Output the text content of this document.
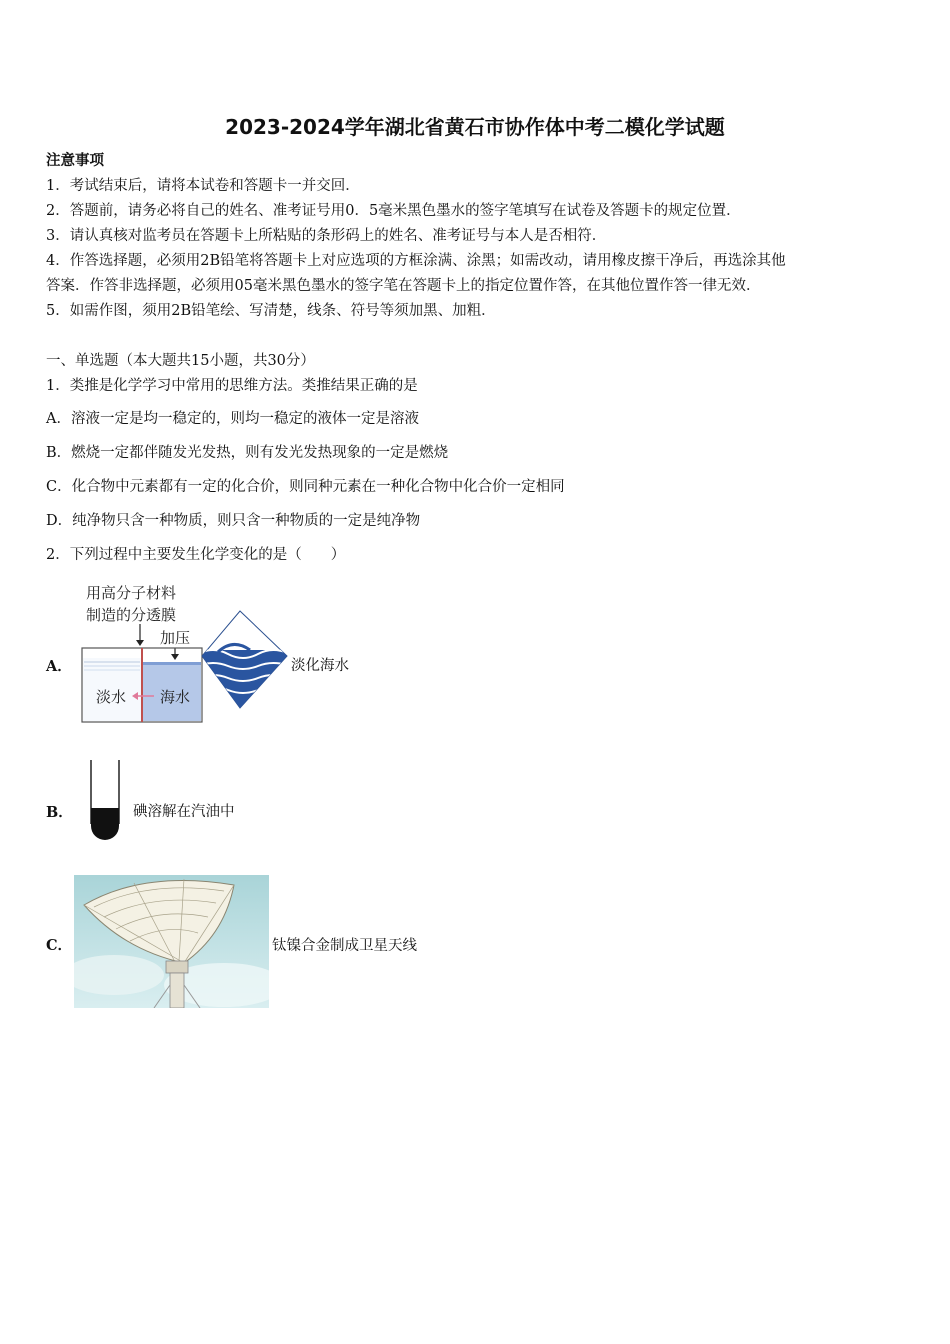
2023-2024学年湖北省黄石市协作体中考二模化学试题
注意事项
1．考试结束后，请将本试卷和答题卡一并交回．
2．答题前，请务必将自己的姓名、准考证号用0．5毫米黑色墨水的签字笔填写在试卷及答题卡的规定位置．
3．请认真核对监考员在答题卡上所粘贴的条形码上的姓名、准考证号与本人是否相符．
4．作答选择题，必须用2B铅笔将答题卡上对应选项的方框涂满、涂黑；如需改动，请用橡皮擦干净后，再选涂其他
答案．作答非选择题，必须用05毫米黑色墨水的签字笔在答题卡上的指定位置作答，在其他位置作答一律无效．
5．如需作图，须用2B铅笔绘、写清楚，线条、符号等须加黑、加粗．
一、单选题（本大题共15小题，共30分）
1．类推是化学学习中常用的思维方法。类推结果正确的是
A．溶液一定是均一稳定的，则均一稳定的液体一定是溶液
B．燃烧一定都伴随发光发热，则有发光发热现象的一定是燃烧
C．化合物中元素都有一定的化合价，则同种元素在一种化合物中化合价一定相同
D．纯净物只含一种物质，则只含一种物质的一定是纯净物
2．下列过程中主要发生化学变化的是（　　）
A．
用高分子材料
制造的分透膜
加压
淡水 海水
淡化海水
B．	碘溶解在汽油中
C．	钛镍合金制成卫星天线
